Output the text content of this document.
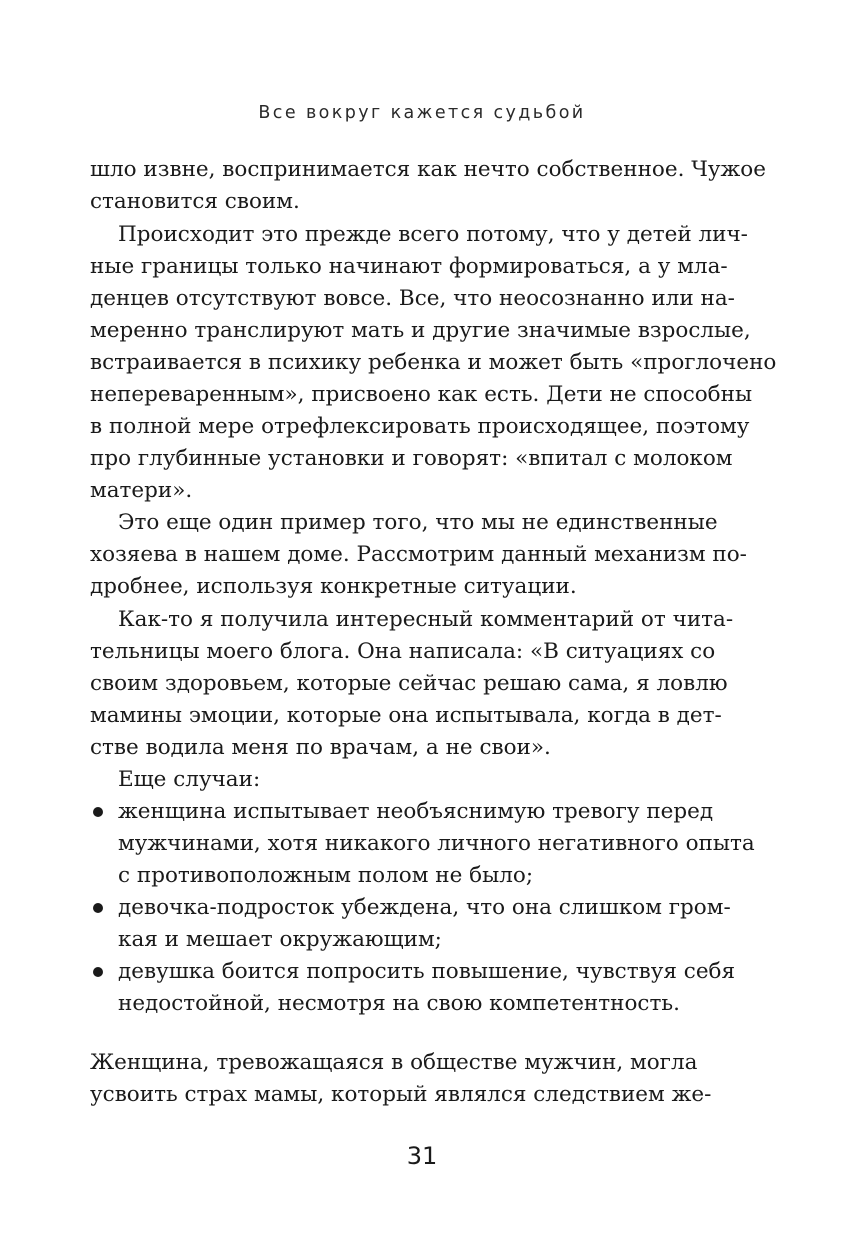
Все вокруг кажется судьбой
шло извне, воспринимается как нечто собственное. Чужое
становится своим.
Происходит это прежде всего потому, что у детей лич-
ные границы только начинают формироваться, а у мла-
денцев отсутствуют вовсе. Все, что неосознанно или на-
меренно транслируют мать и другие значимые взрослые,
встраивается в психику ребенка и может быть «проглочено
непереваренным», присвоено как есть. Дети не способны
в полной мере отрефлексировать происходящее, поэтому
про глубинные установки и говорят: «впитал с молоком
матери».
Это еще один пример того, что мы не единственные
хозяева в нашем доме. Рассмотрим данный механизм по-
дробнее, используя конкретные ситуации.
Как-то я получила интересный комментарий от чита-
тельницы моего блога. Она написала: «В ситуациях со
своим здоровьем, которые сейчас решаю сама, я ловлю
мамины эмоции, которые она испытывала, когда в дет-
стве водила меня по врачам, а не свои».
Еще случаи:
женщина испытывает необъяснимую тревогу перед
мужчинами, хотя никакого личного негативного опыта
с противоположным полом не было;
девочка-подросток убеждена, что она слишком гром-
кая и мешает окружающим;
девушка боится попросить повышение, чувствуя себя
недостойной, несмотря на свою компетентность.
Женщина, тревожащаяся в обществе мужчин, могла
усвоить страх мамы, который являлся следствием же-
31
